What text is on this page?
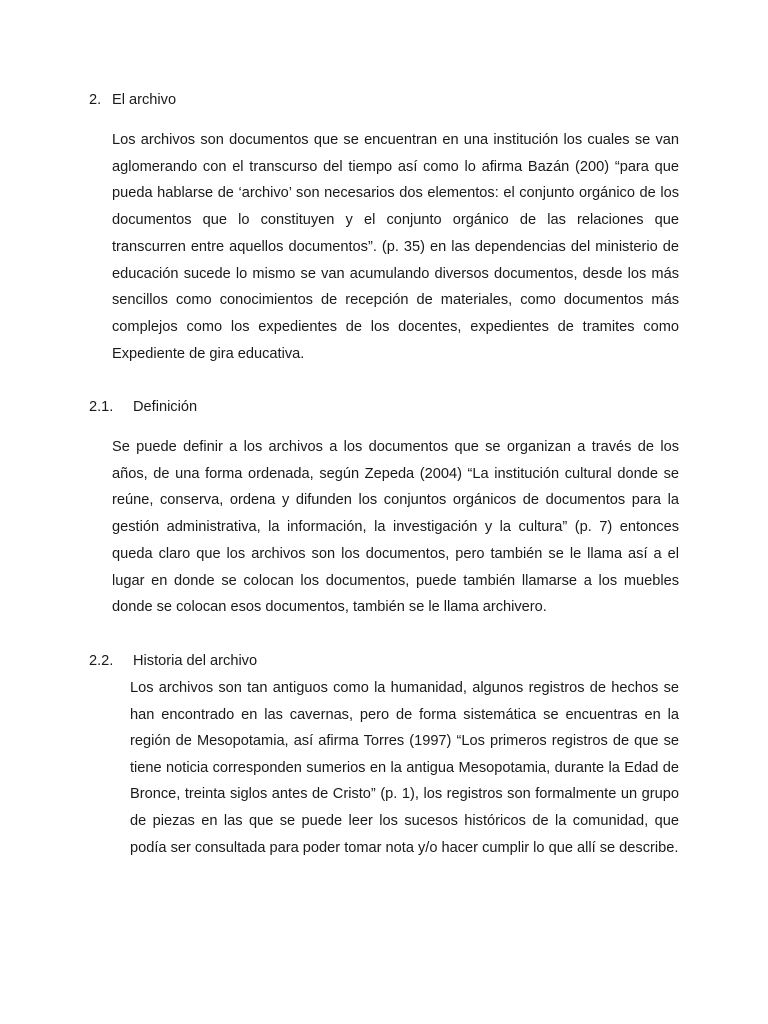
2. El archivo

Los archivos son documentos que se encuentran en una institución los cuales se van aglomerando con el transcurso del tiempo así como lo afirma Bazán (200) “para que pueda hablarse de ‘archivo’ son necesarios dos elementos: el conjunto orgánico de los documentos que lo constituyen y el conjunto orgánico de las relaciones que transcurren entre aquellos documentos”. (p. 35) en las dependencias del ministerio de educación sucede lo mismo se van acumulando diversos documentos, desde los más sencillos como conocimientos de recepción de materiales, como documentos más complejos como los expedientes de los docentes, expedientes de tramites como Expediente de gira educativa.

2.1. Definición

Se puede definir a los archivos a los documentos que se organizan a través de los años, de una forma ordenada, según Zepeda (2004) “La institución cultural donde se reúne, conserva, ordena y difunden los conjuntos orgánicos de documentos para la gestión administrativa, la información, la investigación y la cultura” (p. 7) entonces queda claro que los archivos son los documentos, pero también se le llama así a el lugar en donde se colocan los documentos, puede también llamarse a los muebles donde se colocan esos documentos, también se le llama archivero.

2.2. Historia del archivo

Los archivos son tan antiguos como la humanidad, algunos registros de hechos se han encontrado en las cavernas, pero de forma sistemática se encuentras en la región de Mesopotamia, así afirma Torres (1997) “Los primeros registros de que se tiene noticia corresponden sumerios en la antigua Mesopotamia, durante la Edad de Bronce, treinta siglos antes de Cristo” (p. 1), los registros son formalmente un grupo de piezas en las que se puede leer los sucesos históricos de la comunidad, que podía ser consultada para poder tomar nota y/o hacer cumplir lo que allí se describe.
